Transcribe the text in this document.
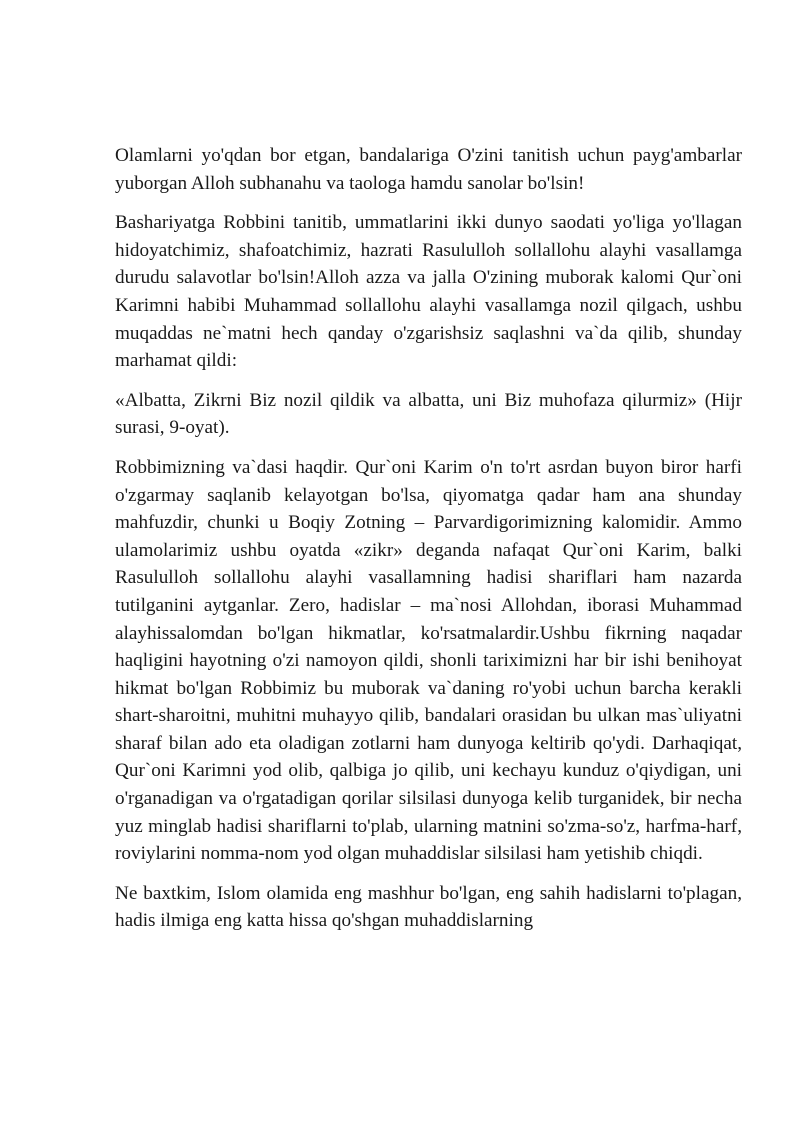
Olamlarni yo'qdan bor etgan, bandalariga O'zini tanitish uchun payg'ambarlar yuborgan Alloh subhanahu va taologa hamdu sanolar bo'lsin!

Bashariyatga Robbini tanitib, ummatlarini ikki dunyo saodati yo'liga yo'llagan hidoyatchimiz, shafoatchimiz, hazrati Rasululloh sollallohu alayhi vasallamga durudu salavotlar bo'lsin!Alloh azza va jalla O'zining muborak kalomi Qur`oni Karimni habibi Muhammad sollallohu alayhi vasallamga nozil qilgach, ushbu muqaddas ne`matni hech qanday o'zgarishsiz saqlashni va`da qilib, shunday marhamat qildi:

«Albatta, Zikrni Biz nozil qildik va albatta, uni Biz muhofaza qilurmiz» (Hijr surasi, 9-oyat).

Robbimizning va`dasi haqdir. Qur`oni Karim o'n to'rt asrdan buyon biror harfi o'zgarmay saqlanib kelayotgan bo'lsa, qiyomatga qadar ham ana shunday mahfuzdir, chunki u Boqiy Zotning – Parvardigorimizning kalomidir. Ammo ulamolarimiz ushbu oyatda «zikr» deganda nafaqat Qur`oni Karim, balki Rasululloh sollallohu alayhi vasallamning hadisi shariflari ham nazarda tutilganini aytganlar. Zero, hadislar – ma`nosi Allohdan, iborasi Muhammad alayhissalomdan bo'lgan hikmatlar, ko'rsatmalardir.Ushbu fikrning naqadar haqligini hayotning o'zi namoyon qildi, shonli tariximizni har bir ishi benihoyat hikmat bo'lgan Robbimiz bu muborak va`daning ro'yobi uchun barcha kerakli shart-sharoitni, muhitni muhayyo qilib, bandalari orasidan bu ulkan mas`uliyatni sharaf bilan ado eta oladigan zotlarni ham dunyoga keltirib qo'ydi. Darhaqiqat, Qur`oni Karimni yod olib, qalbiga jo qilib, uni kechayu kunduz o'qiydigan, uni o'rganadigan va o'rgatadigan qorilar silsilasi dunyoga kelib turganidek, bir necha yuz minglab hadisi shariflarni to'plab, ularning matnini so'zma-so'z, harfma-harf, roviylarini nomma-nom yod olgan muhaddislar silsilasi ham yetishib chiqdi.

Ne baxtkim, Islom olamida eng mashhur bo'lgan, eng sahih hadislarni to'plagan, hadis ilmiga eng katta hissa qo'shgan muhaddislarning
